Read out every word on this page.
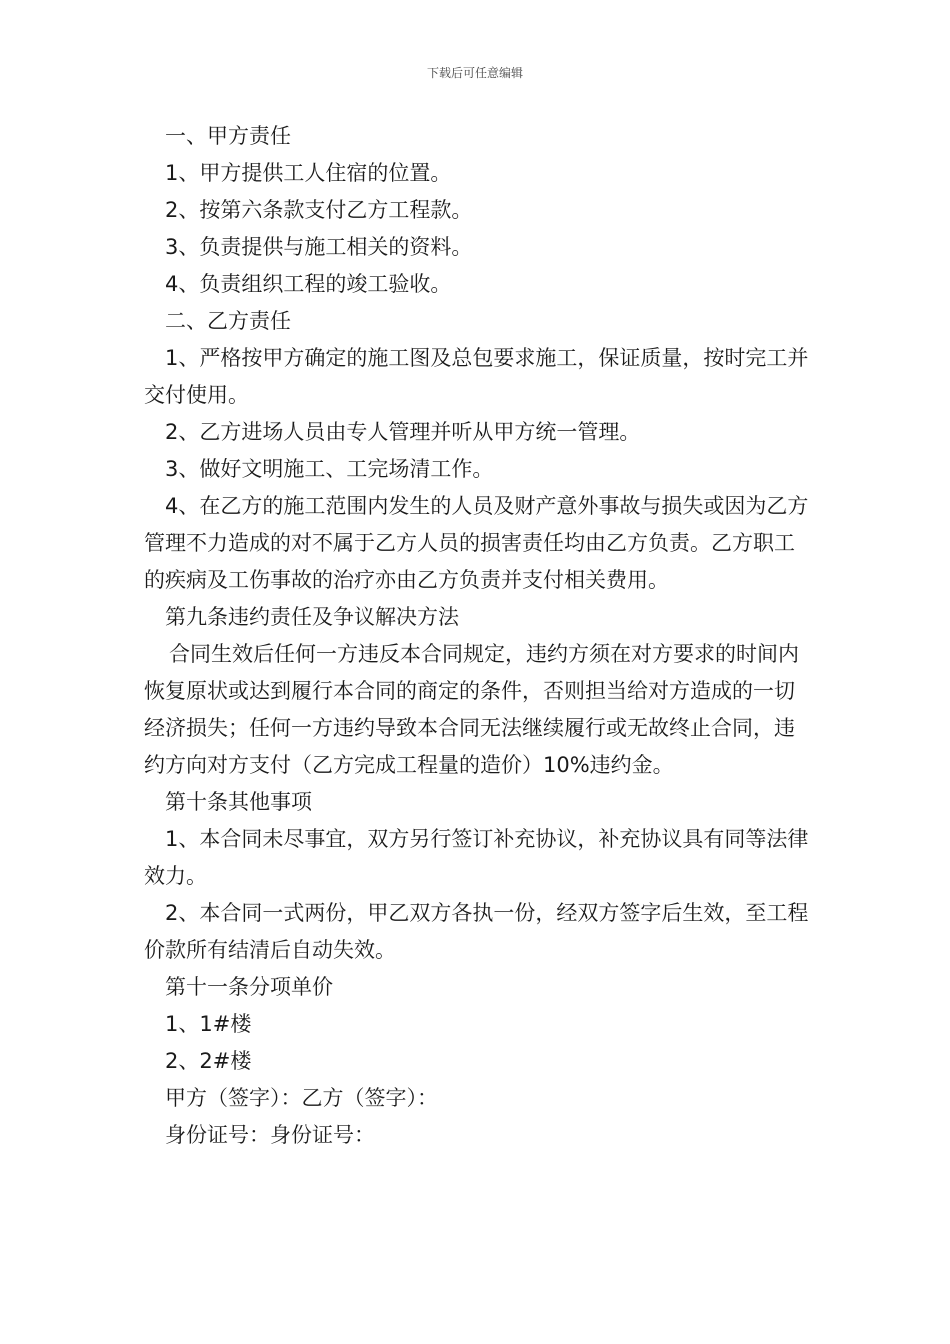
下载后可任意编辑

一、甲方责任

1、甲方提供工人住宿的位置。

2、按第六条款支付乙方工程款。

3、负责提供与施工相关的资料。

4、负责组织工程的竣工验收。

二、乙方责任

1、严格按甲方确定的施工图及总包要求施工，保证质量，按时完工并交付使用。

2、乙方进场人员由专人管理并听从甲方统一管理。

3、做好文明施工、工完场清工作。

4、在乙方的施工范围内发生的人员及财产意外事故与损失或因为乙方管理不力造成的对不属于乙方人员的损害责任均由乙方负责。乙方职工的疾病及工伤事故的治疗亦由乙方负责并支付相关费用。

第九条违约责任及争议解决方法

合同生效后任何一方违反本合同规定，违约方须在对方要求的时间内恢复原状或达到履行本合同的商定的条件，否则担当给对方造成的一切经济损失；任何一方违约导致本合同无法继续履行或无故终止合同，违约方向对方支付（乙方完成工程量的造价）10%违约金。

第十条其他事项

1、本合同未尽事宜，双方另行签订补充协议，补充协议具有同等法律效力。

2、本合同一式两份，甲乙双方各执一份，经双方签字后生效，至工程价款所有结清后自动失效。

第十一条分项单价

1、1#楼

2、2#楼

甲方（签字）：乙方（签字）：

身份证号：身份证号：
